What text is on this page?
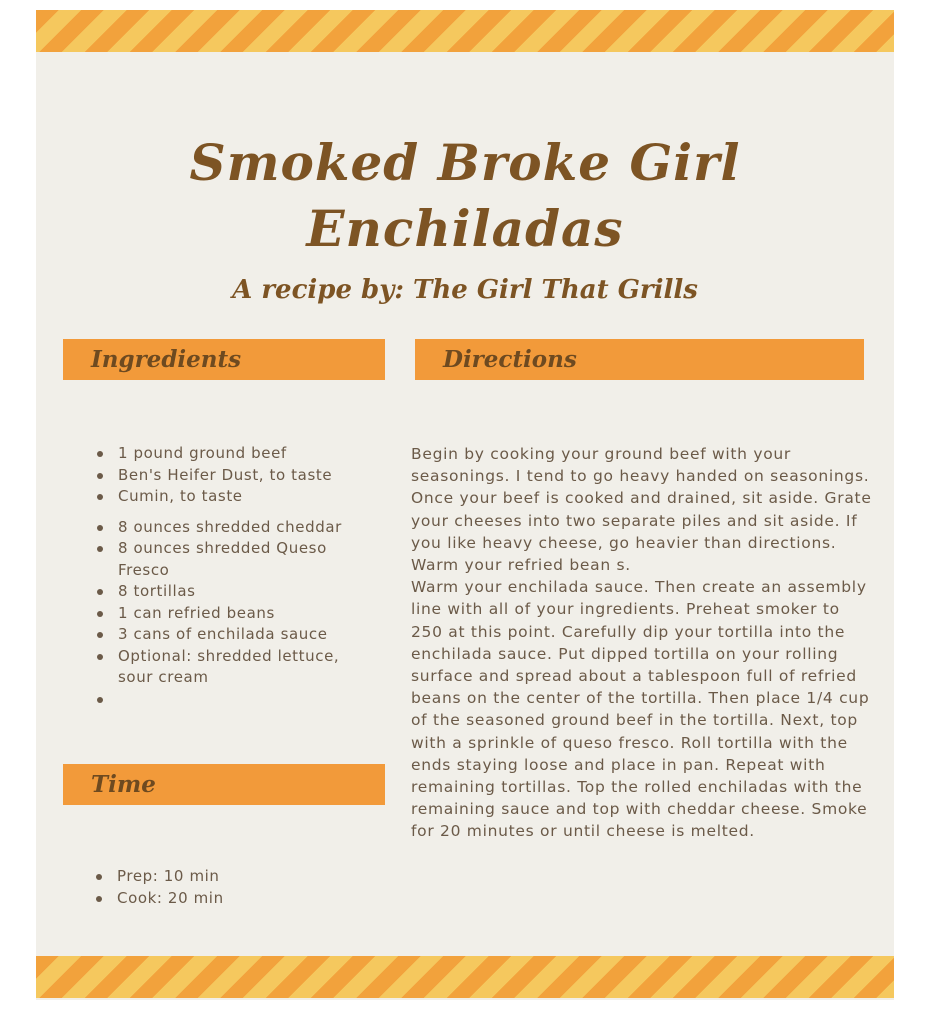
Smoked Broke Girl Enchiladas
A recipe by: The Girl That Grills
Ingredients	Directions
1 pound ground beef
Ben's Heifer Dust, to taste
Cumin, to taste
8 ounces shredded cheddar
8 ounces shredded Queso Fresco
8 tortillas
1 can refried beans
3 cans of enchilada sauce
Optional: shredded lettuce, sour cream
Time
Prep: 10 min
Cook: 20 min

Begin by cooking your ground beef with your seasonings. I tend to go heavy handed on seasonings. Once your beef is cooked and drained, sit aside. Grate your cheeses into two separate piles and sit aside. If you like heavy cheese, go heavier than directions. Warm your refried bean s.

Warm your enchilada sauce. Then create an assembly line with all of your ingredients. Preheat smoker to 250 at this point. Carefully dip your tortilla into the enchilada sauce. Put dipped tortilla on your rolling surface and spread about a tablespoon full of refried beans on the center of the tortilla. Then place 1/4 cup of the seasoned ground beef in the tortilla. Next, top with a sprinkle of queso fresco. Roll tortilla with the ends staying loose and place in pan. Repeat with remaining tortillas. Top the rolled enchiladas with the remaining sauce and top with cheddar cheese. Smoke for 20 minutes or until cheese is melted.
